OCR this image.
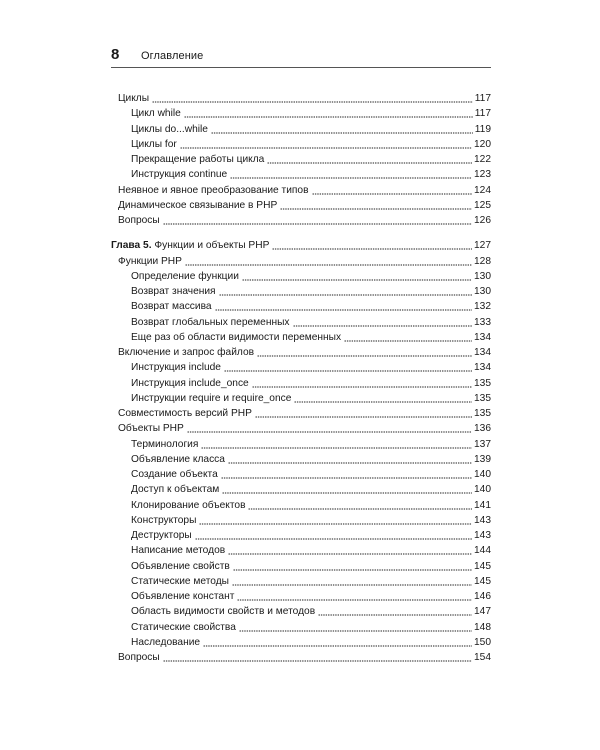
8 Оглавление
Циклы	117
Цикл while	117
Циклы do...while	119
Циклы for	120
Прекращение работы цикла	122
Инструкция continue	123
Неявное и явное преобразование типов	124
Динамическое связывание в PHP	125
Вопросы	126
Глава 5. Функции и объекты PHP	127
Функции PHP	128
Определение функции	130
Возврат значения	130
Возврат массива	132
Возврат глобальных переменных	133
Еще раз об области видимости переменных	134
Включение и запрос файлов	134
Инструкция include	134
Инструкция include_once	135
Инструкции require и require_once	135
Совместимость версий PHP	135
Объекты PHP	136
Терминология	137
Объявление класса	139
Создание объекта	140
Доступ к объектам	140
Клонирование объектов	141
Конструкторы	143
Деструкторы	143
Написание методов	144
Объявление свойств	145
Статические методы	145
Объявление констант	146
Область видимости свойств и методов	147
Статические свойства	148
Наследование	150
Вопросы	154
